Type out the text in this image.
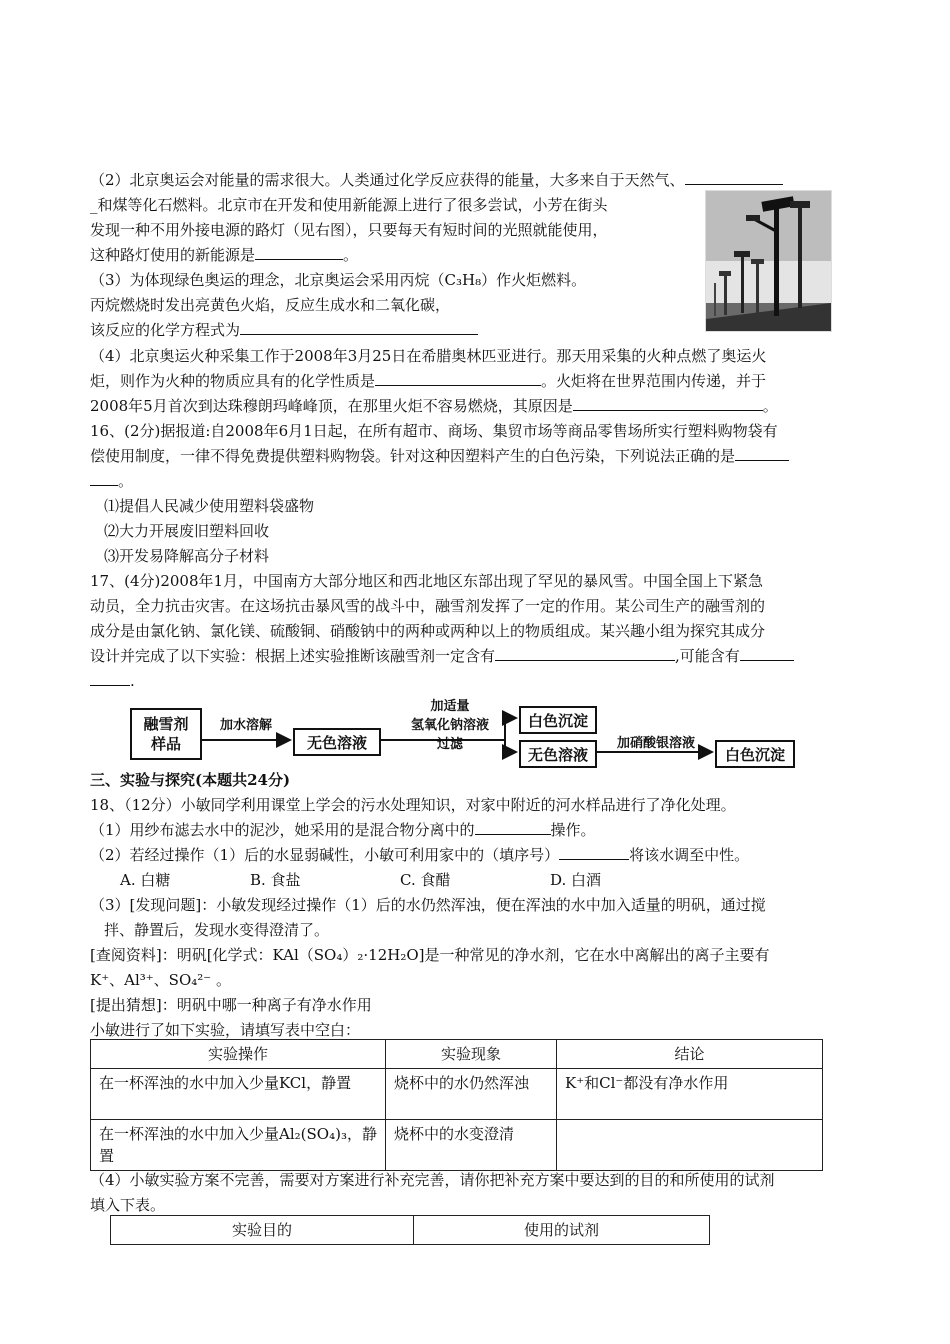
（2）北京奥运会对能量的需求很大。人类通过化学反应获得的能量，大多来自于天然气、
_和煤等化石燃料。北京市在开发和使用新能源上进行了很多尝试，小芳在街头
发现一种不用外接电源的路灯（见右图），只要每天有短时间的光照就能使用，
这种路灯使用的新能源是	。
（3）为体现绿色奥运的理念，北京奥运会采用丙烷（C₃H₈）作火炬燃料。
丙烷燃烧时发出亮黄色火焰，反应生成水和二氧化碳，
该反应的化学方程式为
（4）北京奥运火种采集工作于2008年3月25日在希腊奥林匹亚进行。那天用采集的火种点燃了奥运火
炬，则作为火种的物质应具有的化学性质是	。火炬将在世界范围内传递，并于
2008年5月首次到达珠穆朗玛峰峰顶，在那里火炬不容易燃烧，其原因是	。
16、(2分)据报道:自2008年6月1日起，在所有超市、商场、集贸市场等商品零售场所实行塑料购物袋有
偿使用制度，一律不得免费提供塑料购物袋。针对这种因塑料产生的白色污染，下列说法正确的是
。
⑴提倡人民减少使用塑料袋盛物
⑵大力开展废旧塑料回收
⑶开发易降解高分子材料
17、(4分)2008年1月，中国南方大部分地区和西北地区东部出现了罕见的暴风雪。中国全国上下紧急
动员，全力抗击灾害。在这场抗击暴风雪的战斗中，融雪剂发挥了一定的作用。某公司生产的融雪剂的
成分是由氯化钠、氯化镁、硫酸铜、硝酸钠中的两种或两种以上的物质组成。某兴趣小组为探究其成分
设计并完成了以下实验：根据上述实验推断该融雪剂一定含有	,可能含有
.
融雪剂
样品
加水溶解
无色溶液
加适量
氢氧化钠溶液
过滤
白色沉淀
无色溶液
加硝酸银溶液
白色沉淀
三、实验与探究(本题共24分)
18、（12分）小敏同学利用课堂上学会的污水处理知识，对家中附近的河水样品进行了净化处理。
（1）用纱布滤去水中的泥沙，她采用的是混合物分离中的	操作。
（2）若经过操作（1）后的水显弱碱性，小敏可利用家中的（填序号）	将该水调至中性。
A. 白糖	B. 食盐	C. 食醋	D. 白酒
（3）[发现问题]：小敏发现经过操作（1）后的水仍然浑浊，便在浑浊的水中加入适量的明矾，通过搅
拌、静置后，发现水变得澄清了。
[查阅资料]：明矾[化学式：KAl（SO₄）₂·12H₂O]是一种常见的净水剂，它在水中离解出的离子主要有
K⁺、Al³⁺、SO₄²⁻ 。
[提出猜想]：明矾中哪一种离子有净水作用
小敏进行了如下实验，请填写表中空白：
实验操作	实验现象	结论
在一杯浑浊的水中加入少量KCl，静置	烧杯中的水仍然浑浊	K⁺和Cl⁻都没有净水作用
在一杯浑浊的水中加入少量Al₂(SO₄)₃，静置	烧杯中的水变澄清	
（4）小敏实验方案不完善，需要对方案进行补充完善，请你把补充方案中要达到的目的和所使用的试剂
填入下表。
实验目的	使用的试剂
